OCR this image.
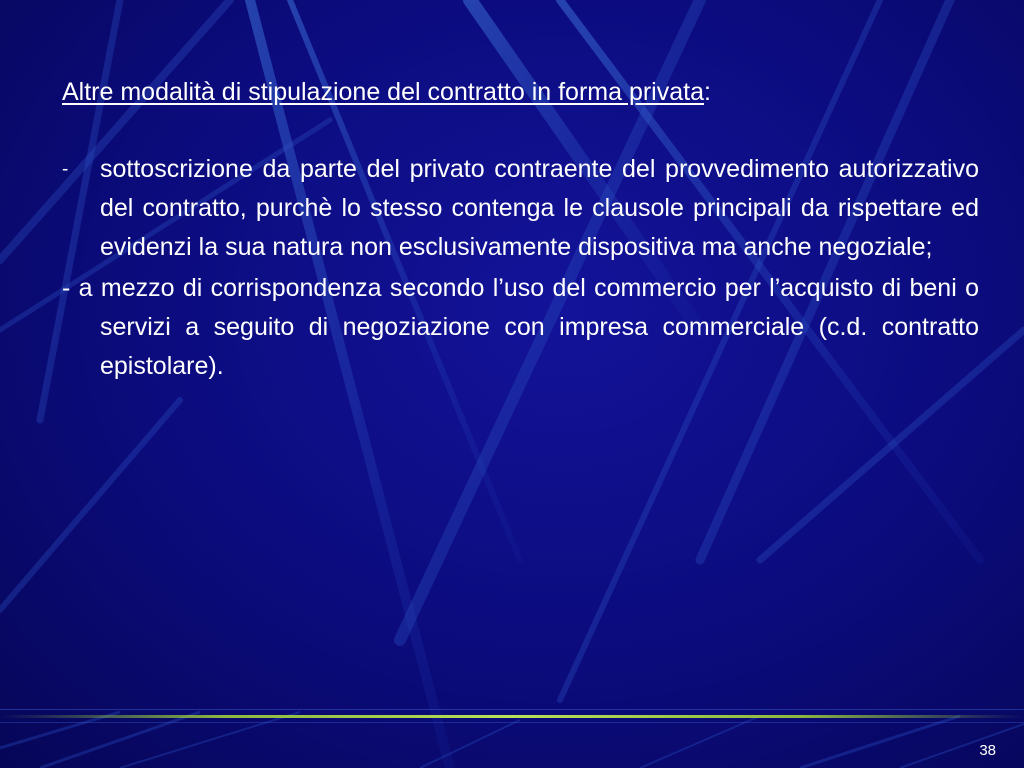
Altre modalità di stipulazione del contratto in forma privata:
- sottoscrizione da parte del privato contraente del provvedimento autorizzativo del contratto, purchè lo stesso contenga le clausole principali da rispettare ed evidenzi la sua natura non esclusivamente dispositiva ma anche negoziale;
- a mezzo di corrispondenza secondo l’uso del commercio per l’acquisto di beni o servizi a seguito di negoziazione con impresa commerciale (c.d. contratto epistolare).
38
